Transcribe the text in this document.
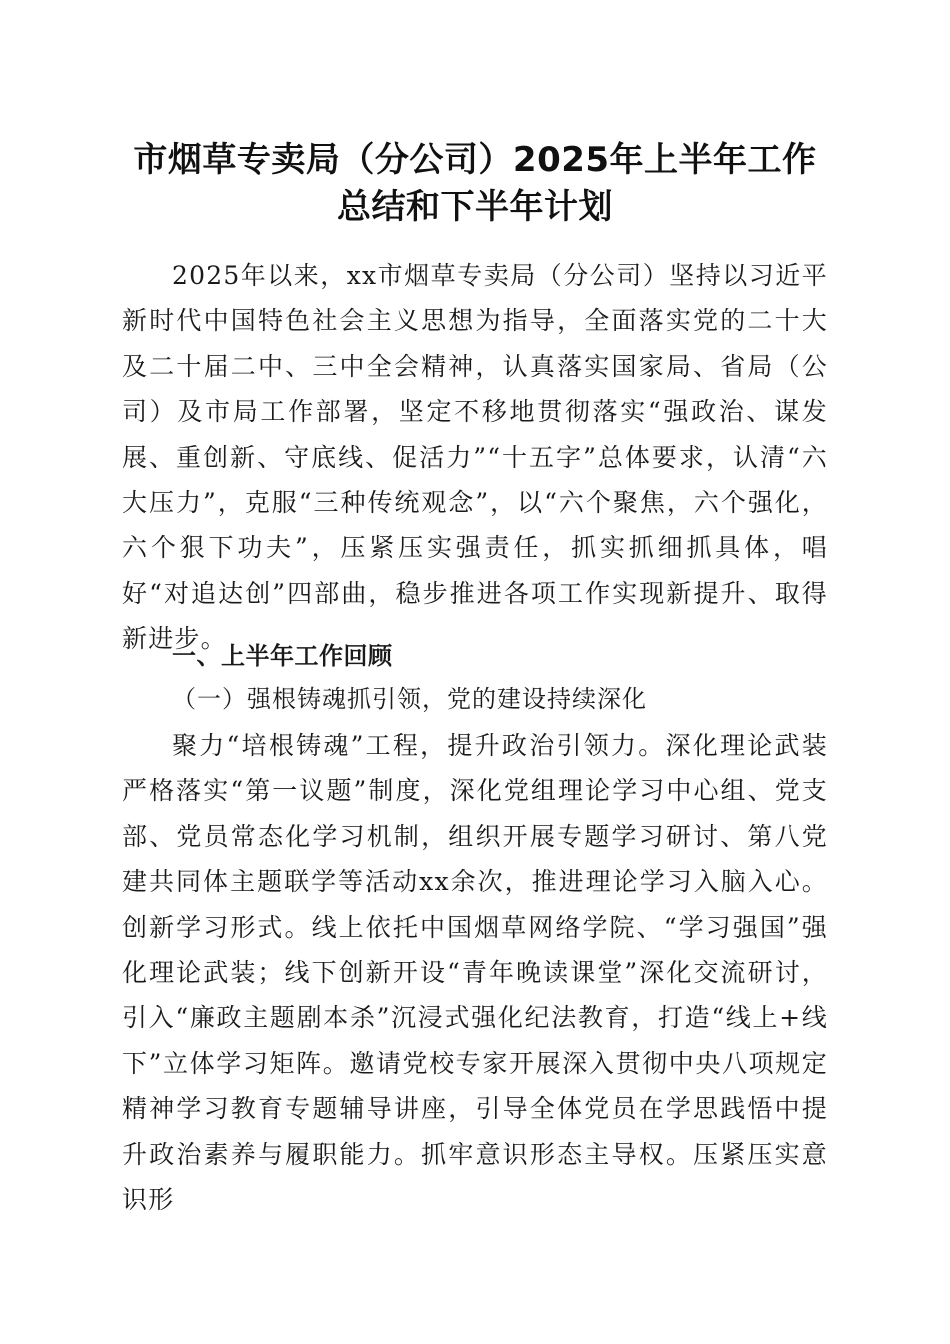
市烟草专卖局（分公司）2025年上半年工作
总结和下半年计划
2025年以来，xx市烟草专卖局（分公司）坚持以习近平新时代中国特色社会主义思想为指导，全面落实党的二十大及二十届二中、三中全会精神，认真落实国家局、省局（公司）及市局工作部署，坚定不移地贯彻落实“强政治、谋发展、重创新、守底线、促活力”“十五字”总体要求，认清“六大压力”，克服“三种传统观念”，以“六个聚焦，六个强化，六个狠下功夫”，压紧压实强责任，抓实抓细抓具体，唱好“对追达创”四部曲，稳步推进各项工作实现新提升、取得新进步。
一、上半年工作回顾
（一）强根铸魂抓引领，党的建设持续深化
聚力“培根铸魂”工程，提升政治引领力。深化理论武装严格落实“第一议题”制度，深化党组理论学习中心组、党支部、党员常态化学习机制，组织开展专题学习研讨、第八党建共同体主题联学等活动xx余次，推进理论学习入脑入心。创新学习形式。线上依托中国烟草网络学院、“学习强国”强化理论武装；线下创新开设“青年晚读课堂”深化交流研讨，引入“廉政主题剧本杀”沉浸式强化纪法教育，打造“线上+线下”立体学习矩阵。邀请党校专家开展深入贯彻中央八项规定精神学习教育专题辅导讲座，引导全体党员在学思践悟中提升政治素养与履职能力。抓牢意识形态主导权。压紧压实意识形
